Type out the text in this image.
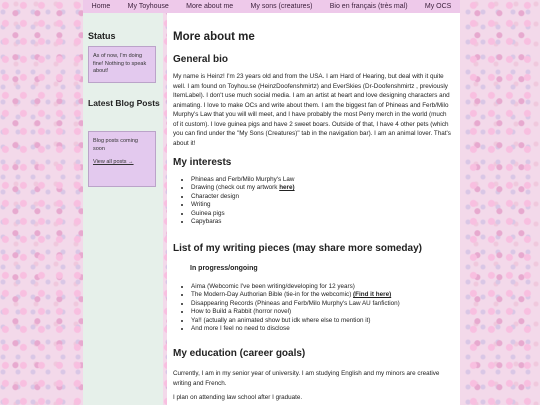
Home My Toyhouse More about me My sons (creatures) Bio en français (très mal) My OCS
Status
As of now, I'm doing fine! Nothing to speak about!
Latest Blog Posts
Blog posts coming soon
View all posts →
More about me
General bio

My name is Heinz! I'm 23 years old and from the USA. I am Hard of Hearing, but deal with it quite well. I am found on Toyhou.se (HeinzDoofenshmirtz) and EverSkies (Dr-Doofenshmirtz , previously ItemLabel). I don't use much social media. I am an artist at heart and love designing characters and animating. I love to make OCs and write about them. I am the biggest fan of Phineas and Ferb/Milo Murphy's Law that you will will meet, and I have probably the most Perry merch in the world (much of it custom). I love guinea pigs and have 2 sweet boars. Outside of that, I have 4 other pets (which you can find under the "My Sons (Creatures)" tab in the navigation bar). I am an animal lover. That's about it!

My interests
• Phineas and Ferb/Milo Murphy's Law
• Drawing (check out my artwork here)
• Character design
• Writing
• Guinea pigs
• Capybaras
List of my writing pieces (may share more someday)
In progress/ongoing
• Aima (Webcomic I've been writing/developing for 12 years)
• The Modern-Day Authorian Bible (tie-in for the webcomic) (Find it here)
• Disappearing Records (Phineas and Ferb/Milo Murphy's Law AU fanfiction)
• How to Build a Rabbit (horror novel)
• Ya!! (actually an animated show but idk where else to mention it)
• And more I feel no need to disclose
My education (career goals)

Currently, I am in my senior year of university. I am studying English and my minors are creative writing and French.

I plan on attending law school after I graduate.
